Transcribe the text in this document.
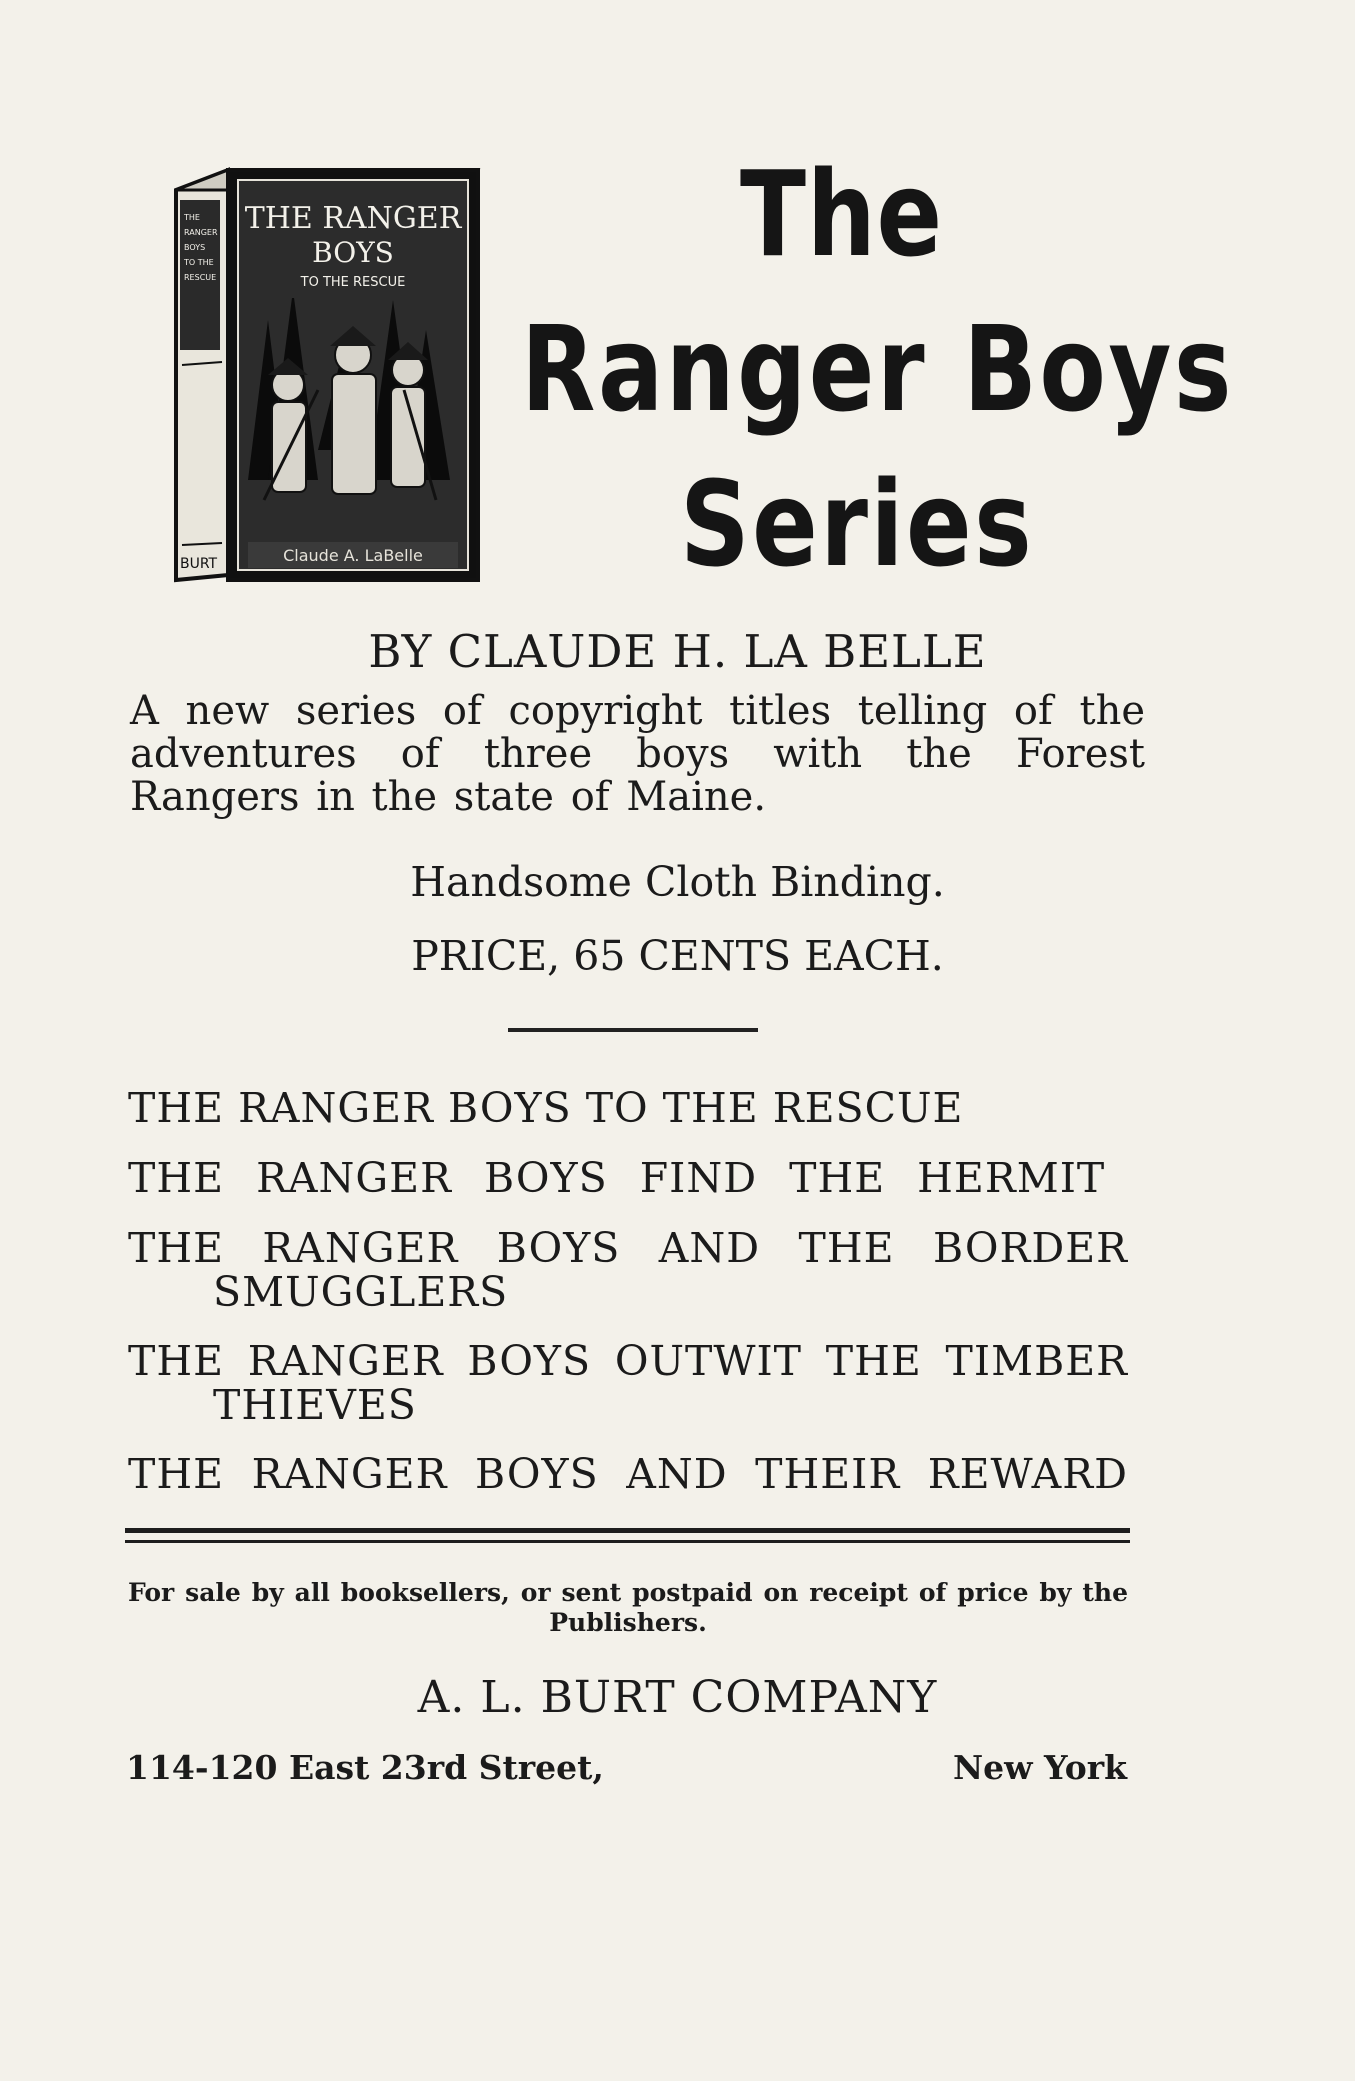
THE
RANGER
BOYS
TO THE
RESCUE
BURT
THE RANGER
BOYS
TO THE RESCUE
Claude A. LaBelle
The
Ranger Boys
Series
BY CLAUDE H. LA BELLE
A new series of copyright titles telling of the adventures of three boys with the Forest Rangers in the state of Maine.
Handsome Cloth Binding.
PRICE, 65 CENTS EACH.
THE RANGER BOYS TO THE RESCUE
THE RANGER BOYS FIND THE HERMIT
THE RANGER BOYS AND THE BORDER
SMUGGLERS
THE RANGER BOYS OUTWIT THE TIMBER
THIEVES
THE RANGER BOYS AND THEIR REWARD
For sale by all booksellers, or sent postpaid on receipt of price by the Publishers.
A. L. BURT COMPANY
114-120 East 23rd Street,	New York
